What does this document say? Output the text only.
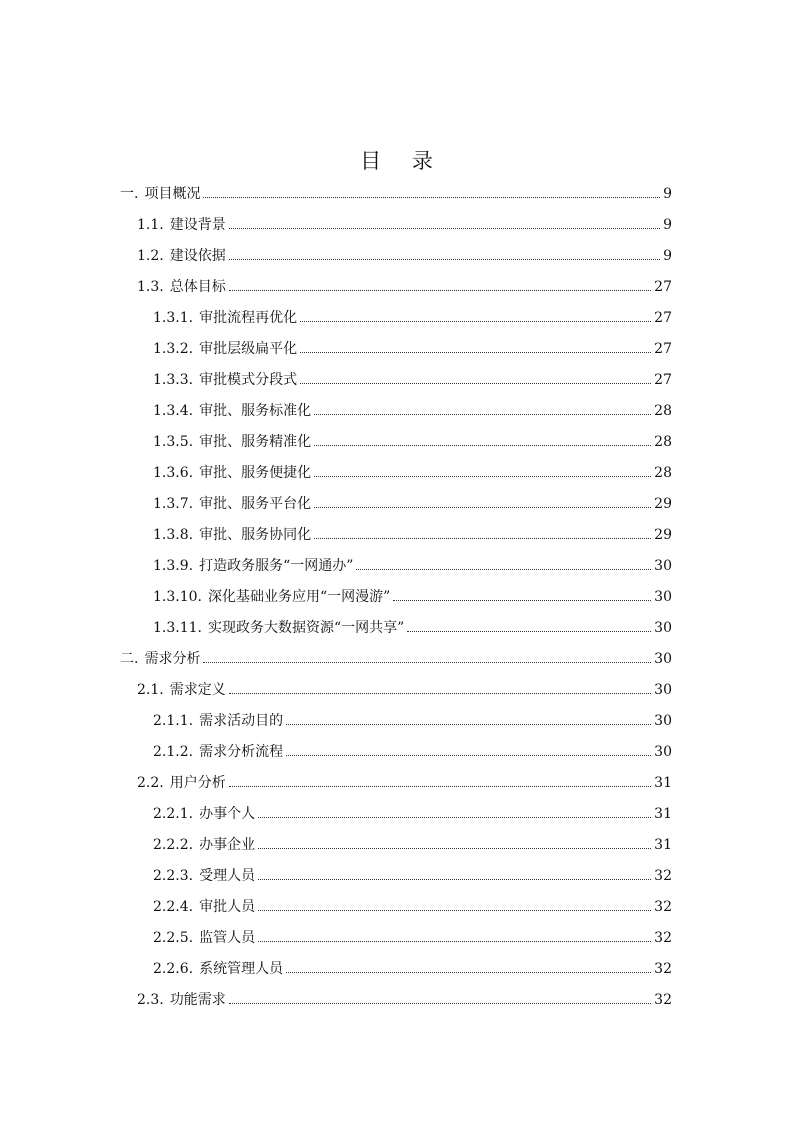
目 录
一. 项目概况	9
1.1. 建设背景	9
1.2. 建设依据	9
1.3. 总体目标	27
1.3.1. 审批流程再优化	27
1.3.2. 审批层级扁平化	27
1.3.3. 审批模式分段式	27
1.3.4. 审批、服务标准化	28
1.3.5. 审批、服务精准化	28
1.3.6. 审批、服务便捷化	28
1.3.7. 审批、服务平台化	29
1.3.8. 审批、服务协同化	29
1.3.9. 打造政务服务“一网通办”	30
1.3.10. 深化基础业务应用“一网漫游”	30
1.3.11. 实现政务大数据资源“一网共享”	30
二. 需求分析	30
2.1. 需求定义	30
2.1.1. 需求活动目的	30
2.1.2. 需求分析流程	30
2.2. 用户分析	31
2.2.1. 办事个人	31
2.2.2. 办事企业	31
2.2.3. 受理人员	32
2.2.4. 审批人员	32
2.2.5. 监管人员	32
2.2.6. 系统管理人员	32
2.3. 功能需求	32
